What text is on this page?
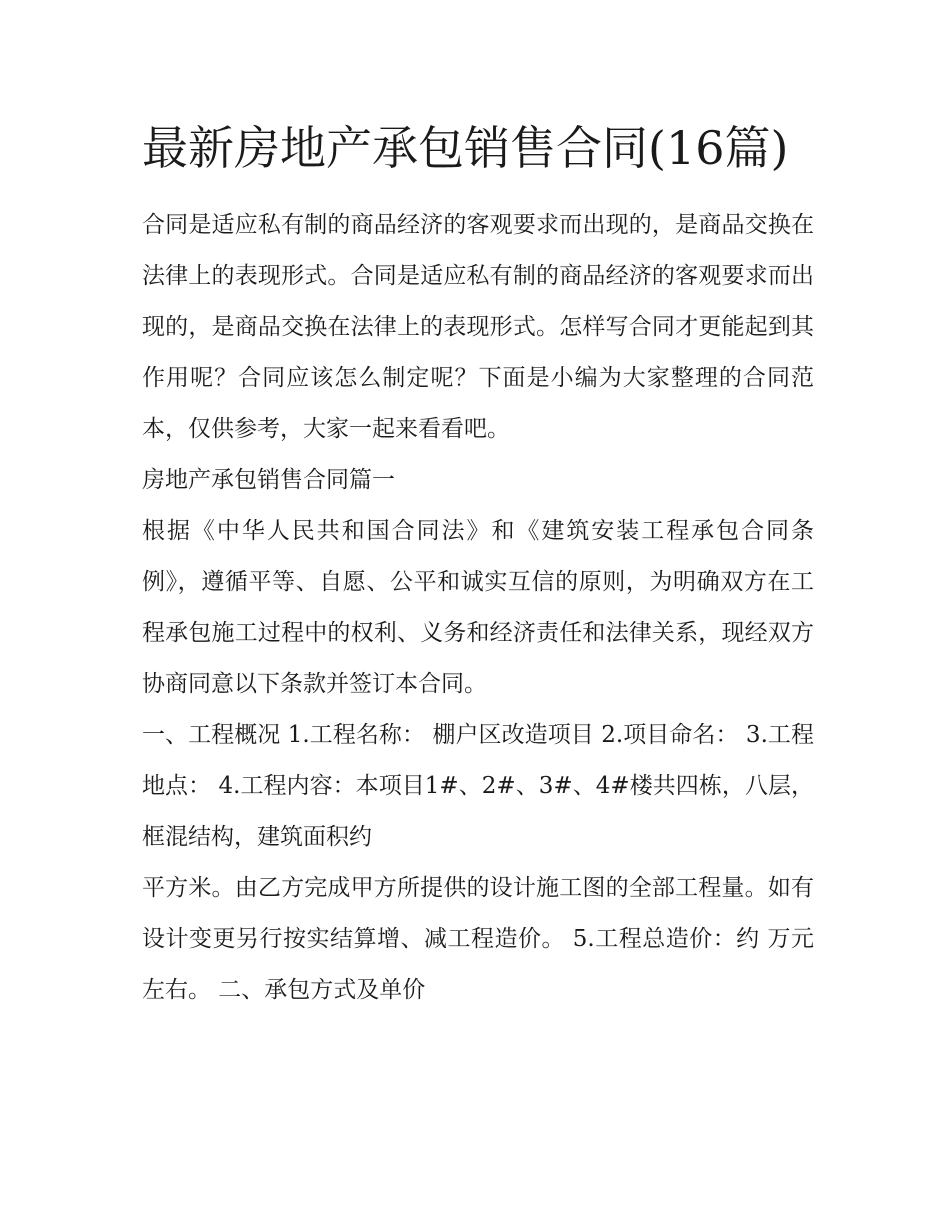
最新房地产承包销售合同(16篇)

合同是适应私有制的商品经济的客观要求而出现的，是商品交换在法律上的表现形式。合同是适应私有制的商品经济的客观要求而出现的，是商品交换在法律上的表现形式。怎样写合同才更能起到其作用呢？合同应该怎么制定呢？下面是小编为大家整理的合同范本，仅供参考，大家一起来看看吧。

房地产承包销售合同篇一

根据《中华人民共和国合同法》和《建筑安装工程承包合同条例》，遵循平等、自愿、公平和诚实互信的原则，为明确双方在工程承包施工过程中的权利、义务和经济责任和法律关系，现经双方协商同意以下条款并签订本合同。

一、工程概况 1.工程名称： 棚户区改造项目 2.项目命名： 3.工程地点： 4.工程内容：本项目1#、2#、3#、4#楼共四栋，八层，框混结构，建筑面积约

平方米。由乙方完成甲方所提供的设计施工图的全部工程量。如有设计变更另行按实结算增、减工程造价。 5.工程总造价：约 万元左右。 二、承包方式及单价
